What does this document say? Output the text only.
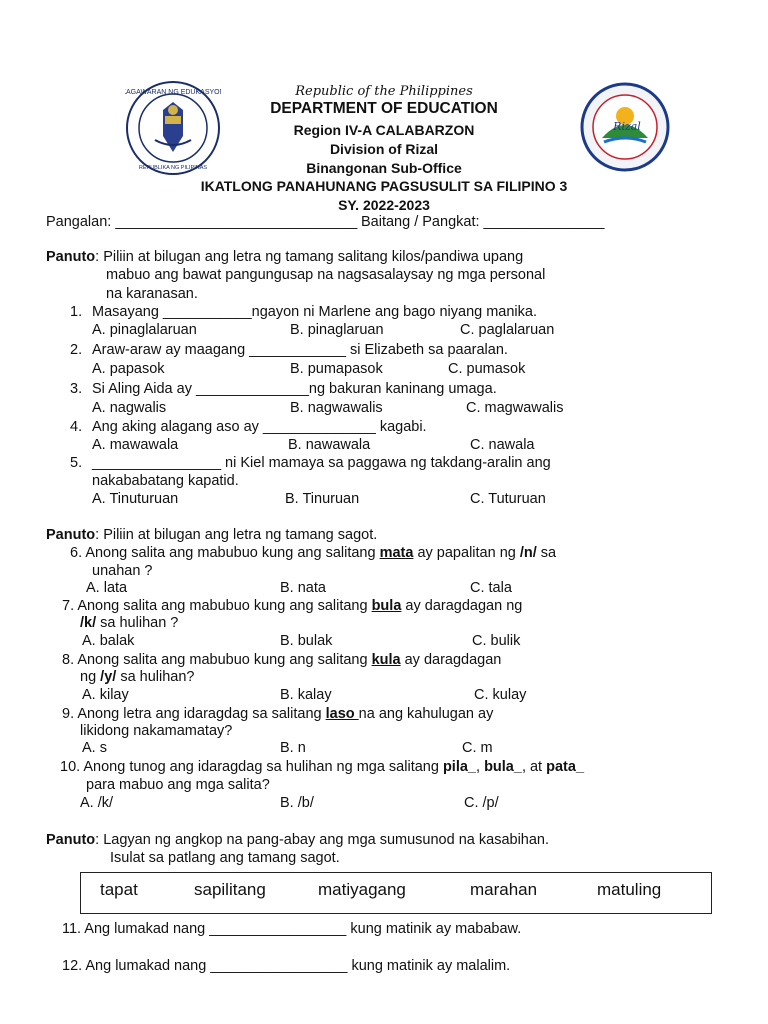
KAGAWARAN NG EDUKASYON
REPUBLIKA NG PILIPINAS
Rizal
Republic of the Philippines
DEPARTMENT OF EDUCATION
Region IV-A CALABARZON
Division of Rizal
Binangonan Sub-Office
IKATLONG PANAHUNANG PAGSUSULIT SA FILIPINO 3
SY. 2022-2023
Pangalan: ______________________________ Baitang / Pangkat: _______________
Panuto: Piliin at bilugan ang letra ng tamang salitang kilos/pandiwa upang
mabuo ang bawat pangungusap na nagsasalaysay ng mga personal
na karanasan.
1. Masayang ___________ngayon ni Marlene ang bago niyang manika.
A. pinaglalaruan	B. pinaglaruan	C. paglalaruan
2. Araw-araw ay maagang ____________ si Elizabeth sa paaralan.
A. papasok	B. pumapasok	C. pumasok
3. Si Aling Aida ay ______________ng bakuran kaninang umaga.
A. nagwalis	B. nagwawalis	C. magwawalis
4. Ang aking alagang aso ay ______________ kagabi.
A. mawawala	B. nawawala	C. nawala
5. ________________ ni Kiel mamaya sa paggawa ng takdang-aralin ang
nakababatang kapatid.
A. Tinuturuan	B. Tinuruan	C. Tuturuan
Panuto: Piliin at bilugan ang letra ng tamang sagot.
6. Anong salita ang mabubuo kung ang salitang mata ay papalitan ng /n/ sa
unahan ?
A. lata	B. nata	C. tala
7. Anong salita ang mabubuo kung ang salitang bula ay daragdagan ng
/k/ sa hulihan ?
A. balak	B. bulak	C. bulik
8. Anong salita ang mabubuo kung ang salitang kula ay daragdagan
ng /y/ sa hulihan?
A. kilay	B. kalay	C. kulay
9. Anong letra ang idaragdag sa salitang laso na ang kahulugan ay
likidong nakamamatay?
A. s	B. n	C. m
10. Anong tunog ang idaragdag sa hulihan ng mga salitang pila_, bula_, at pata_
para mabuo ang mga salita?
A. /k/	B. /b/	C. /p/
Panuto: Lagyan ng angkop na pang-abay ang mga sumusunod na kasabihan.
Isulat sa patlang ang tamang sagot.
tapat	sapilitang	matiyagang	marahan	matuling
11. Ang lumakad nang _________________ kung matinik ay mababaw.
12. Ang lumakad nang _________________ kung matinik ay malalim.
